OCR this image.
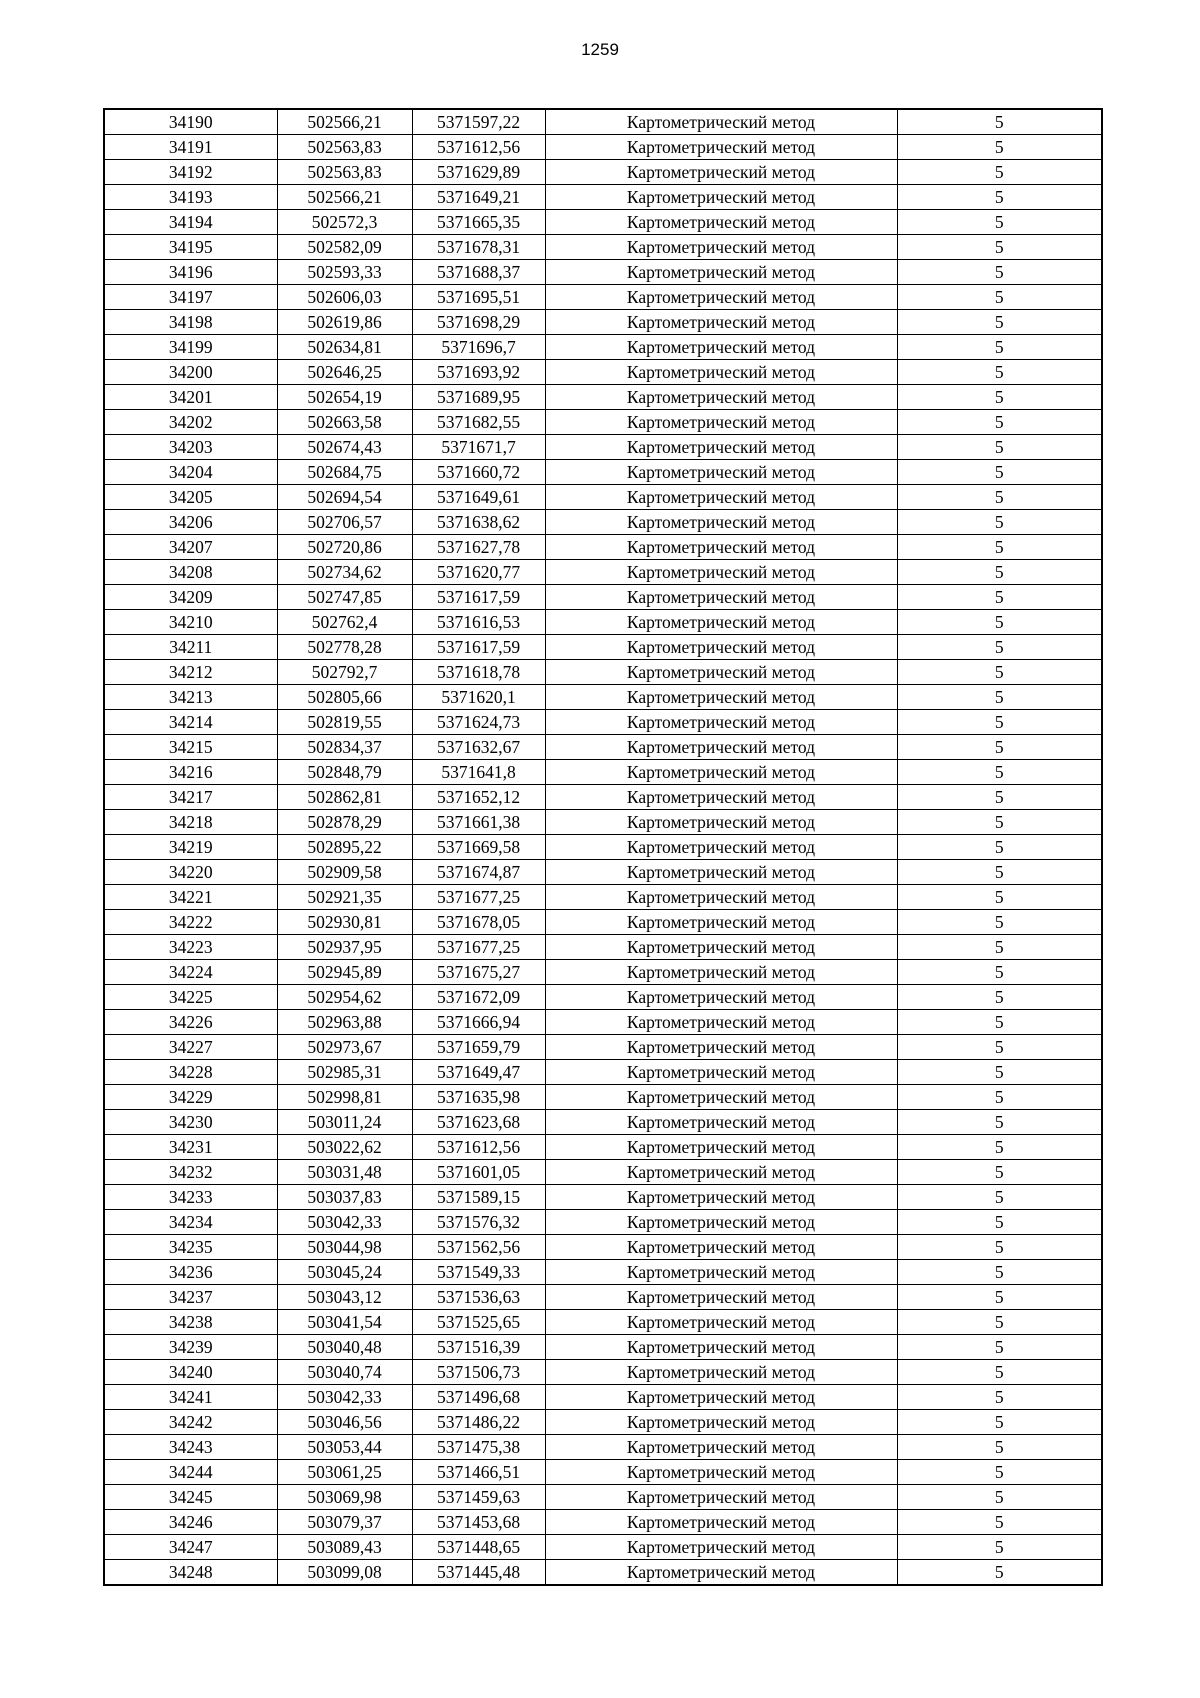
1259
34190	502566,21	5371597,22	Картометрический метод	5
34191	502563,83	5371612,56	Картометрический метод	5
34192	502563,83	5371629,89	Картометрический метод	5
34193	502566,21	5371649,21	Картометрический метод	5
34194	502572,3	5371665,35	Картометрический метод	5
34195	502582,09	5371678,31	Картометрический метод	5
34196	502593,33	5371688,37	Картометрический метод	5
34197	502606,03	5371695,51	Картометрический метод	5
34198	502619,86	5371698,29	Картометрический метод	5
34199	502634,81	5371696,7	Картометрический метод	5
34200	502646,25	5371693,92	Картометрический метод	5
34201	502654,19	5371689,95	Картометрический метод	5
34202	502663,58	5371682,55	Картометрический метод	5
34203	502674,43	5371671,7	Картометрический метод	5
34204	502684,75	5371660,72	Картометрический метод	5
34205	502694,54	5371649,61	Картометрический метод	5
34206	502706,57	5371638,62	Картометрический метод	5
34207	502720,86	5371627,78	Картометрический метод	5
34208	502734,62	5371620,77	Картометрический метод	5
34209	502747,85	5371617,59	Картометрический метод	5
34210	502762,4	5371616,53	Картометрический метод	5
34211	502778,28	5371617,59	Картометрический метод	5
34212	502792,7	5371618,78	Картометрический метод	5
34213	502805,66	5371620,1	Картометрический метод	5
34214	502819,55	5371624,73	Картометрический метод	5
34215	502834,37	5371632,67	Картометрический метод	5
34216	502848,79	5371641,8	Картометрический метод	5
34217	502862,81	5371652,12	Картометрический метод	5
34218	502878,29	5371661,38	Картометрический метод	5
34219	502895,22	5371669,58	Картометрический метод	5
34220	502909,58	5371674,87	Картометрический метод	5
34221	502921,35	5371677,25	Картометрический метод	5
34222	502930,81	5371678,05	Картометрический метод	5
34223	502937,95	5371677,25	Картометрический метод	5
34224	502945,89	5371675,27	Картометрический метод	5
34225	502954,62	5371672,09	Картометрический метод	5
34226	502963,88	5371666,94	Картометрический метод	5
34227	502973,67	5371659,79	Картометрический метод	5
34228	502985,31	5371649,47	Картометрический метод	5
34229	502998,81	5371635,98	Картометрический метод	5
34230	503011,24	5371623,68	Картометрический метод	5
34231	503022,62	5371612,56	Картометрический метод	5
34232	503031,48	5371601,05	Картометрический метод	5
34233	503037,83	5371589,15	Картометрический метод	5
34234	503042,33	5371576,32	Картометрический метод	5
34235	503044,98	5371562,56	Картометрический метод	5
34236	503045,24	5371549,33	Картометрический метод	5
34237	503043,12	5371536,63	Картометрический метод	5
34238	503041,54	5371525,65	Картометрический метод	5
34239	503040,48	5371516,39	Картометрический метод	5
34240	503040,74	5371506,73	Картометрический метод	5
34241	503042,33	5371496,68	Картометрический метод	5
34242	503046,56	5371486,22	Картометрический метод	5
34243	503053,44	5371475,38	Картометрический метод	5
34244	503061,25	5371466,51	Картометрический метод	5
34245	503069,98	5371459,63	Картометрический метод	5
34246	503079,37	5371453,68	Картометрический метод	5
34247	503089,43	5371448,65	Картометрический метод	5
34248	503099,08	5371445,48	Картометрический метод	5
